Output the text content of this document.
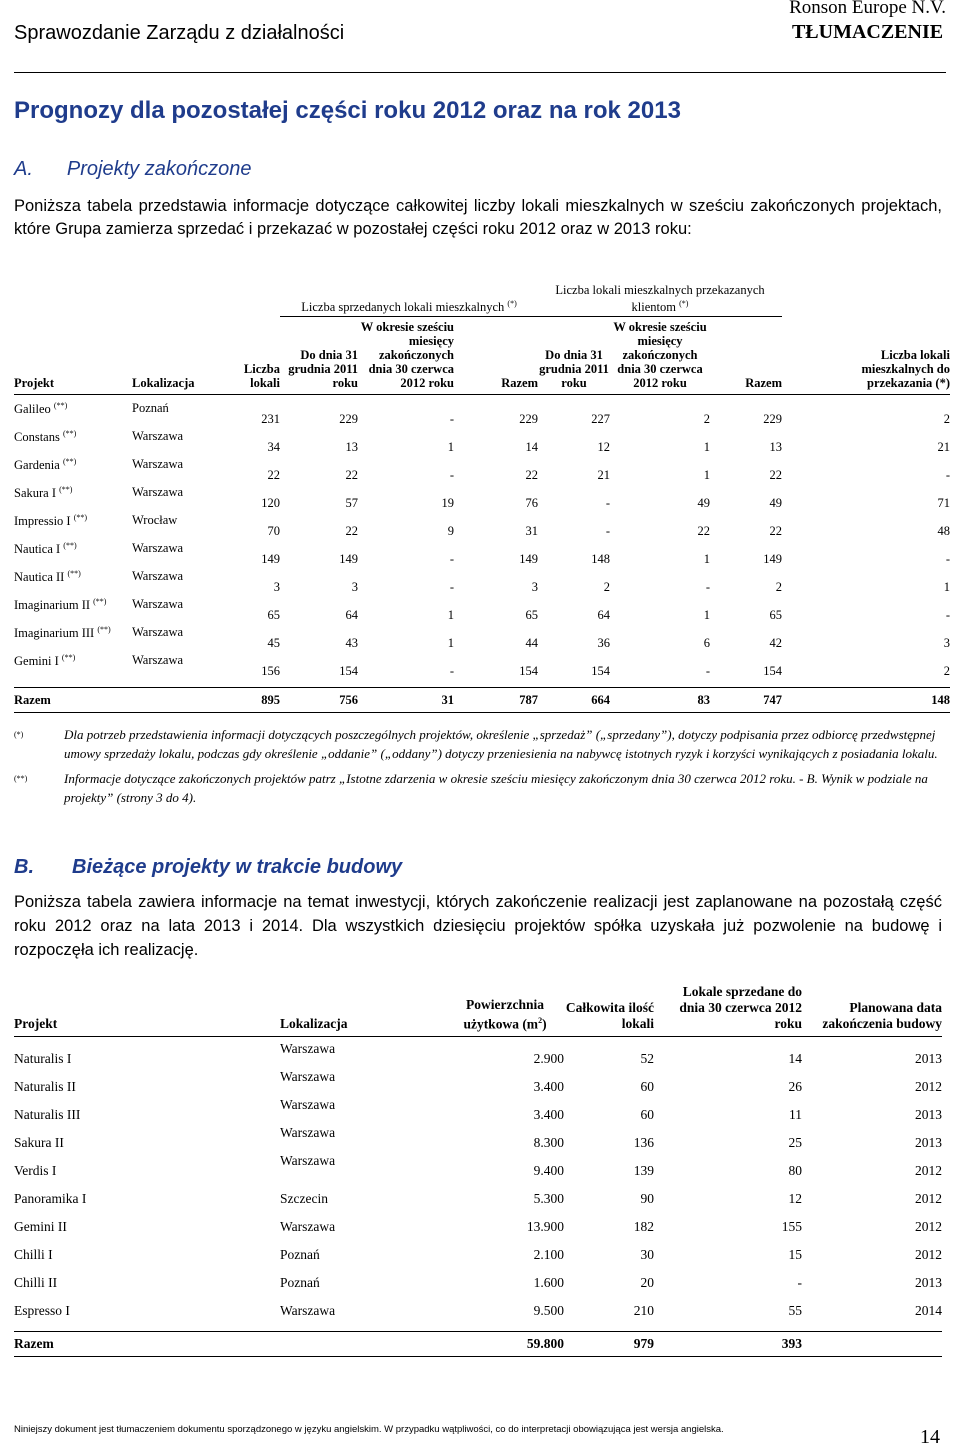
Sprawozdanie Zarządu z działalności
Ronson Europe N.V.
TŁUMACZENIE
Prognozy dla pozostałej części roku 2012 oraz na rok 2013
A. Projekty zakończone
Poniższa tabela przedstawia informacje dotyczące całkowitej liczby lokali mieszkalnych w sześciu zakończonych projektach, które Grupa zamierza sprzedać i przekazać w pozostałej części roku 2012 oraz w 2013 roku:
			Liczba sprzedanych lokali mieszkalnych (*)			Liczba lokali mieszkalnych przekazanych klientom (*)	
Projekt	Lokalizacja	Liczba lokali	Do dnia 31 grudnia 2011 roku	W okresie sześciu miesięcy zakończonych dnia 30 czerwca 2012 roku	Razem	Do dnia 31 grudnia 2011 roku	W okresie sześciu miesięcy zakończonych dnia 30 czerwca 2012 roku	Razem	Liczba lokali mieszkalnych do przekazania (*)

Galileo (**)	Poznań	231	229	-	229	227	2	229	2
Constans (**)	Warszawa	34	13	1	14	12	1	13	21
Gardenia (**)	Warszawa	22	22	-	22	21	1	22	-
Sakura I (**)	Warszawa	120	57	19	76	-	49	49	71
Impressio I (**)	Wrocław	70	22	9	31	-	22	22	48
Nautica I (**)	Warszawa	149	149	-	149	148	1	149	-
Nautica II (**)	Warszawa	3	3	-	3	2	-	2	1
Imaginarium II (**)	Warszawa	65	64	1	65	64	1	65	-
Imaginarium III (**)	Warszawa	45	43	1	44	36	6	42	3
Gemini I (**)	Warszawa	156	154	-	154	154	-	154	2

Razem		895	756	31	787	664	83	747	148

(*)	Dla potrzeb przedstawienia informacji dotyczących poszczególnych projektów, określenie „sprzedaż” („sprzedany”), dotyczy podpisania przez odbiorcę przedwstępnej umowy sprzedaży lokalu, podczas gdy określenie „oddanie” („oddany”) dotyczy przeniesienia na nabywcę istotnych ryzyk i korzyści wynikających z posiadania lokalu.
(**)	Informacje dotyczące zakończonych projektów patrz „Istotne zdarzenia w okresie sześciu miesięcy zakończonym dnia 30 czerwca 2012 roku. - B. Wynik w podziale na projekty” (strony 3 do 4).
B. Bieżące projekty w trakcie budowy
Poniższa tabela zawiera informacje na temat inwestycji, których zakończenie realizacji jest zaplanowane na pozostałą część roku 2012 oraz na lata 2013 i 2014. Dla wszystkich dziesięciu projektów spółka uzyskała już pozwolenie na budowę i rozpoczęła ich realizację.
Projekt	Lokalizacja	Powierzchnia użytkowa $(m^2)$	Całkowita ilość lokali	Lokale sprzedane do dnia 30 czerwca 2012 roku	Planowana data zakończenia budowy

Naturalis I	Warszawa	2.900	52	14	2013
Naturalis II	Warszawa	3.400	60	26	2012
Naturalis III	Warszawa	3.400	60	11	2013
Sakura II	Warszawa	8.300	136	25	2013
Verdis I	Warszawa	9.400	139	80	2012
Panoramika I	Szczecin	5.300	90	12	2012
Gemini II	Warszawa	13.900	182	155	2012
Chilli I	Poznań	2.100	30	15	2012
Chilli II	Poznań	1.600	20	-	2013
Espresso I	Warszawa	9.500	210	55	2014

Razem		59.800	979	393	

Niniejszy dokument jest tłumaczeniem dokumentu sporządzonego w języku angielskim. W przypadku wątpliwości, co do interpretacji obowiązująca jest wersja angielska.	14
